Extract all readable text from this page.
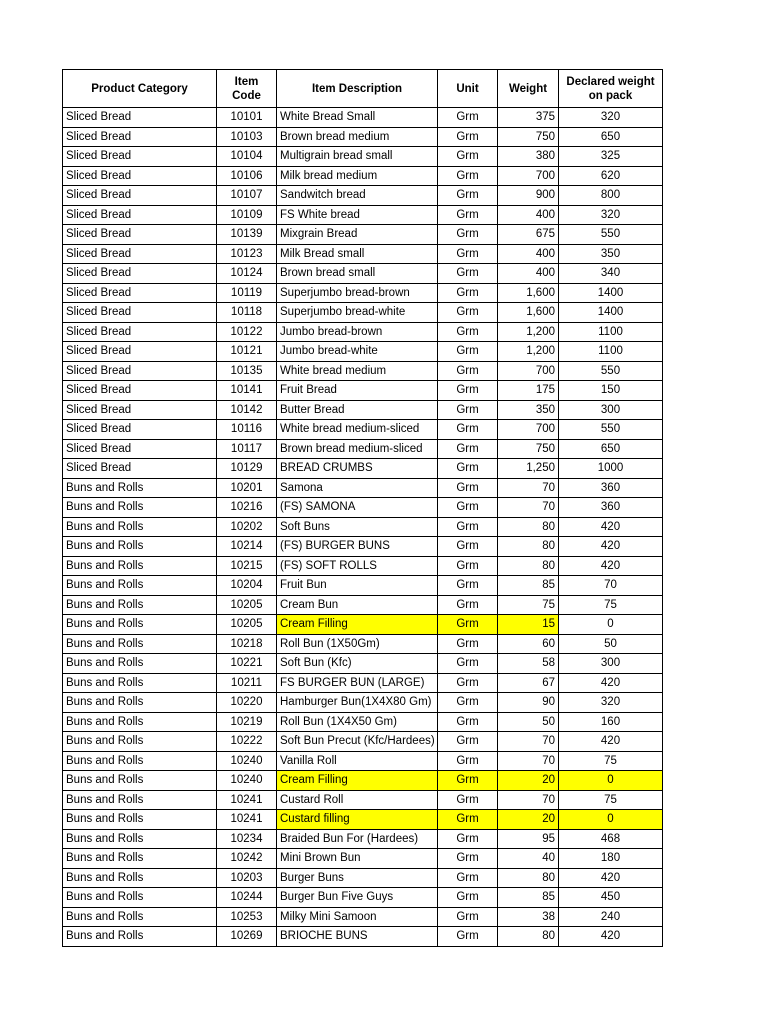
Product Category	Item Code	Item Description	Unit	Weight	Declared weight on pack
Sliced Bread	10101	White Bread Small	Grm	375	320
Sliced Bread	10103	Brown bread medium	Grm	750	650
Sliced Bread	10104	Multigrain bread small	Grm	380	325
Sliced Bread	10106	Milk bread medium	Grm	700	620
Sliced Bread	10107	Sandwitch bread	Grm	900	800
Sliced Bread	10109	FS White bread	Grm	400	320
Sliced Bread	10139	Mixgrain Bread	Grm	675	550
Sliced Bread	10123	Milk Bread small	Grm	400	350
Sliced Bread	10124	Brown bread small	Grm	400	340
Sliced Bread	10119	Superjumbo bread-brown	Grm	1,600	1400
Sliced Bread	10118	Superjumbo bread-white	Grm	1,600	1400
Sliced Bread	10122	Jumbo bread-brown	Grm	1,200	1100
Sliced Bread	10121	Jumbo bread-white	Grm	1,200	1100
Sliced Bread	10135	White bread medium	Grm	700	550
Sliced Bread	10141	Fruit Bread	Grm	175	150
Sliced Bread	10142	Butter Bread	Grm	350	300
Sliced Bread	10116	White bread medium-sliced	Grm	700	550
Sliced Bread	10117	Brown bread medium-sliced	Grm	750	650
Sliced Bread	10129	BREAD CRUMBS	Grm	1,250	1000
Buns and Rolls	10201	Samona	Grm	70	360
Buns and Rolls	10216	(FS) SAMONA	Grm	70	360
Buns and Rolls	10202	Soft Buns	Grm	80	420
Buns and Rolls	10214	(FS) BURGER BUNS	Grm	80	420
Buns and Rolls	10215	(FS) SOFT ROLLS	Grm	80	420
Buns and Rolls	10204	Fruit Bun	Grm	85	70
Buns and Rolls	10205	Cream Bun	Grm	75	75
Buns and Rolls	10205	Cream Filling	Grm	15	0
Buns and Rolls	10218	Roll Bun (1X50Gm)	Grm	60	50
Buns and Rolls	10221	Soft Bun (Kfc)	Grm	58	300
Buns and Rolls	10211	FS BURGER BUN (LARGE)	Grm	67	420
Buns and Rolls	10220	Hamburger Bun(1X4X80 Gm)	Grm	90	320
Buns and Rolls	10219	Roll Bun (1X4X50 Gm)	Grm	50	160
Buns and Rolls	10222	Soft Bun Precut (Kfc/Hardees)	Grm	70	420
Buns and Rolls	10240	Vanilla Roll	Grm	70	75
Buns and Rolls	10240	Cream Filling	Grm	20	0
Buns and Rolls	10241	Custard Roll	Grm	70	75
Buns and Rolls	10241	Custard filling	Grm	20	0
Buns and Rolls	10234	Braided Bun For (Hardees)	Grm	95	468
Buns and Rolls	10242	Mini Brown Bun	Grm	40	180
Buns and Rolls	10203	Burger Buns	Grm	80	420
Buns and Rolls	10244	Burger Bun Five Guys	Grm	85	450
Buns and Rolls	10253	Milky Mini Samoon	Grm	38	240
Buns and Rolls	10269	BRIOCHE BUNS	Grm	80	420
